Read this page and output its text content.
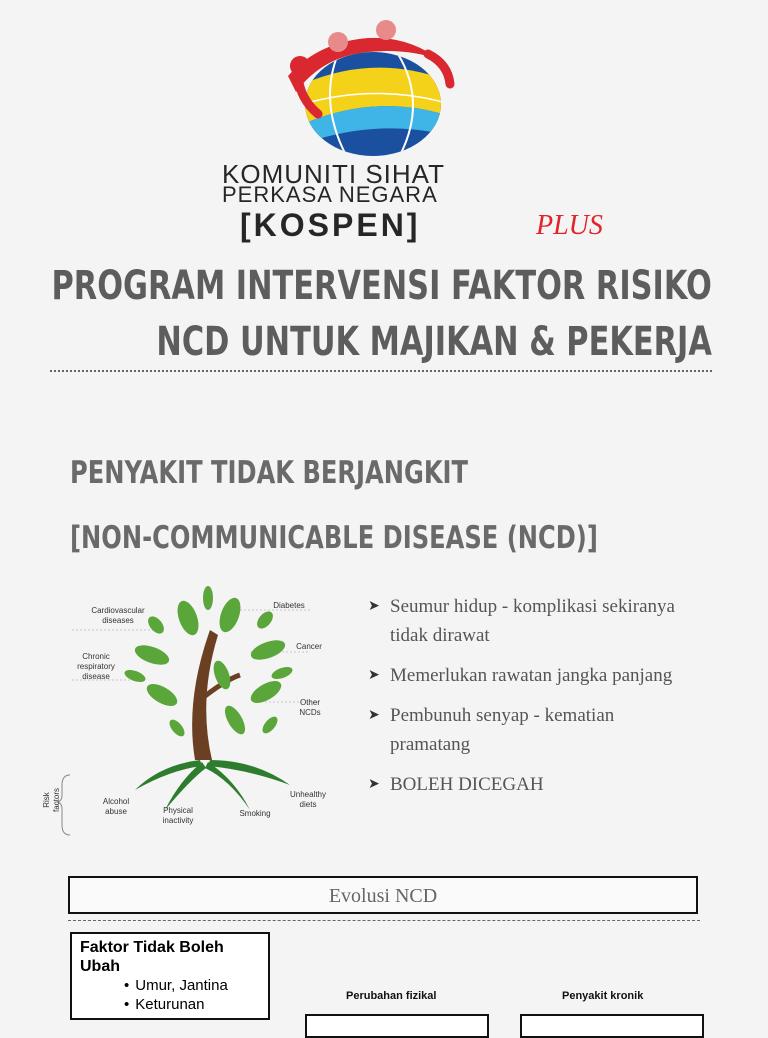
KOMUNITI SIHAT
PERKASA NEGARA
[KOSPEN]	PLUS
PROGRAM INTERVENSI FAKTOR RISIKO
NCD UNTUK MAJIKAN & PEKERJA
PENYAKIT TIDAK BERJANGKIT
[NON-COMMUNICABLE DISEASE (NCD)]
Cardiovascular
diseases
Diabetes
Chronic
respiratory
disease
Cancer
Other
NCDs
Risk factors	Alcohol
abuse	Physical
inactivity
Smoking
Unhealthy
diets
➤ Seumur hidup - komplikasi sekiranya tidak dirawat
➤ Memerlukan rawatan jangka panjang
➤ Pembunuh senyap - kematian pramatang
➤ BOLEH DICEGAH
Evolusi NCD
Faktor Tidak Boleh Ubah
• Umur, Jantina
• Keturunan	Perubahan fizikal	Penyakit kronik
